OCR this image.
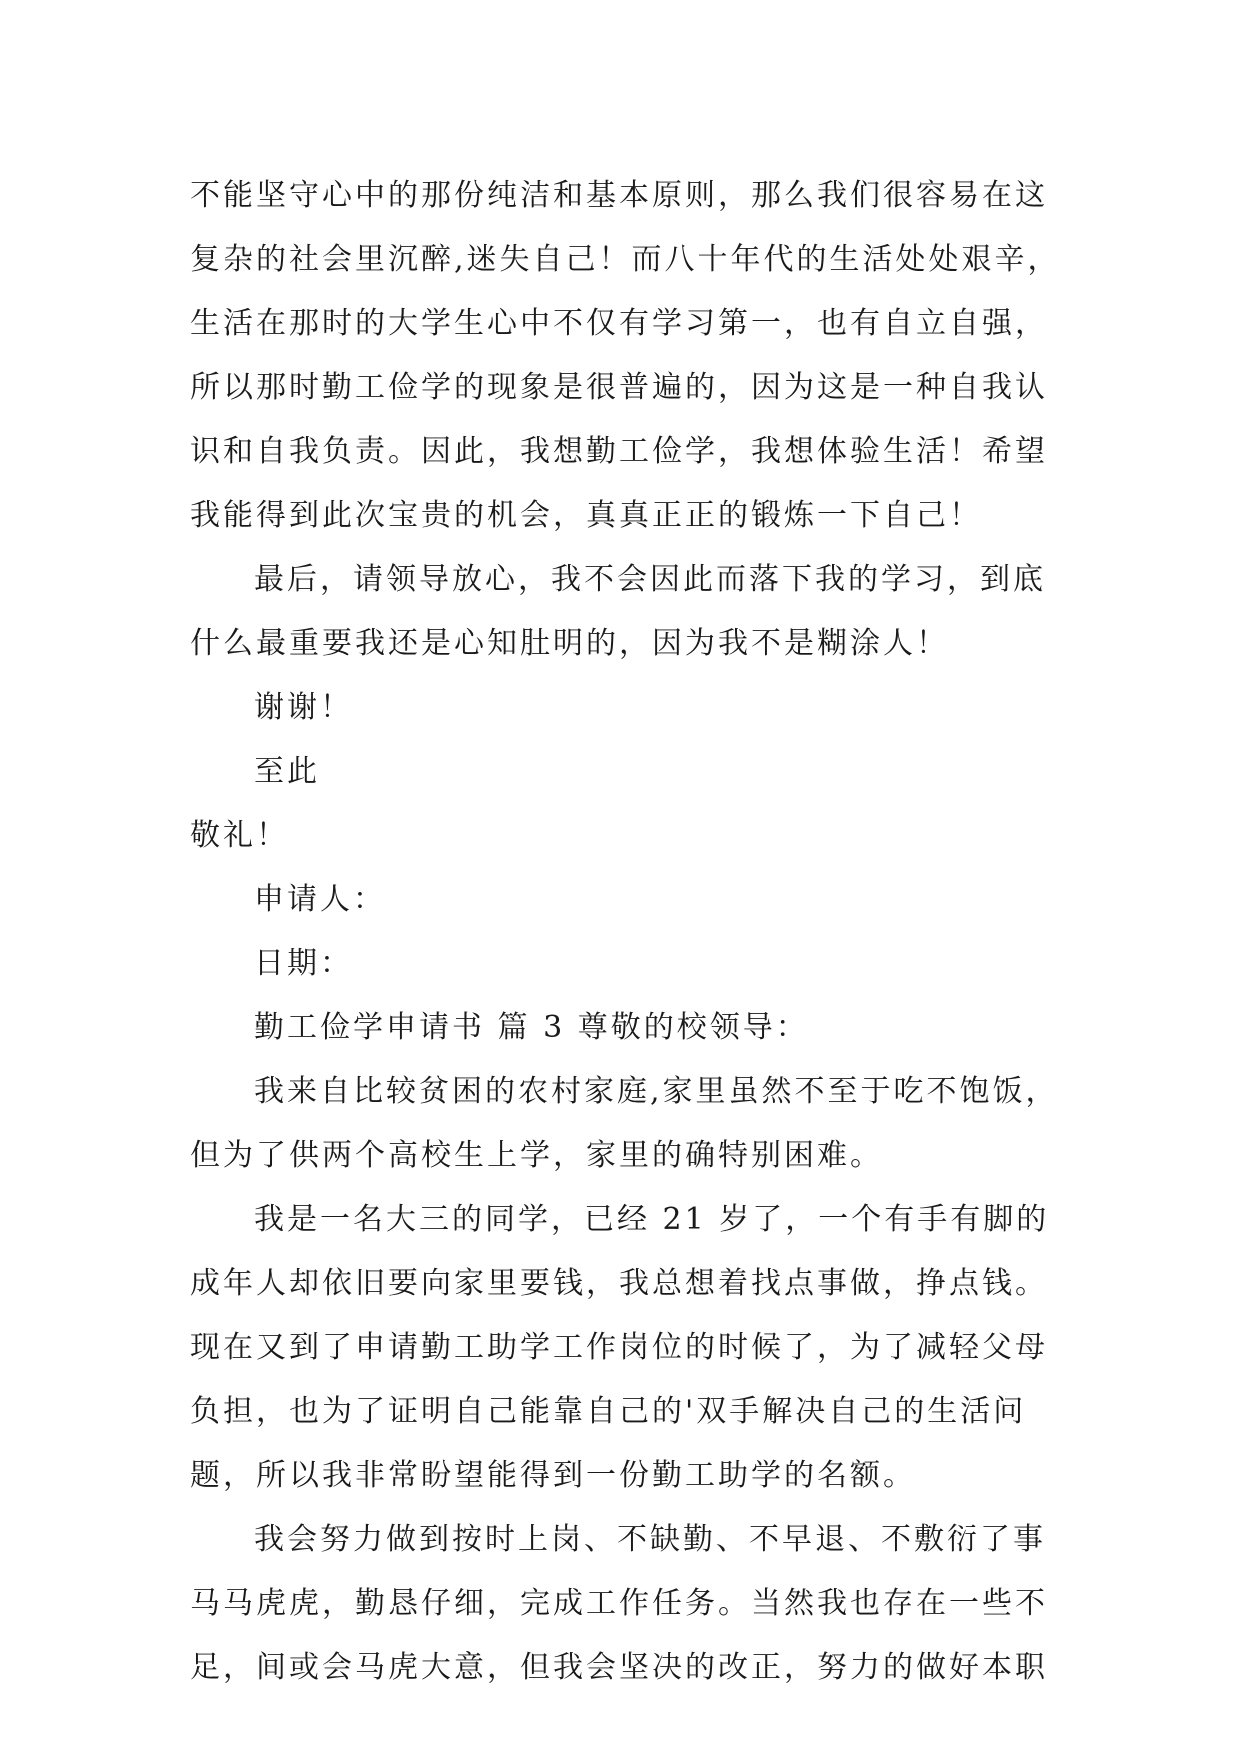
不能坚守心中的那份纯洁和基本原则，那么我们很容易在这
复杂的社会里沉醉,迷失自己！而八十年代的生活处处艰辛，
生活在那时的大学生心中不仅有学习第一，也有自立自强，
所以那时勤工俭学的现象是很普遍的，因为这是一种自我认
识和自我负责。因此，我想勤工俭学，我想体验生活！希望
我能得到此次宝贵的机会，真真正正的锻炼一下自己！
最后，请领导放心，我不会因此而落下我的学习，到底
什么最重要我还是心知肚明的，因为我不是糊涂人！
谢谢！
至此
敬礼！
申请人：
日期：
勤工俭学申请书 篇 3 尊敬的校领导：
我来自比较贫困的农村家庭,家里虽然不至于吃不饱饭，
但为了供两个高校生上学，家里的确特别困难。
我是一名大三的同学，已经 21 岁了，一个有手有脚的
成年人却依旧要向家里要钱，我总想着找点事做，挣点钱。
现在又到了申请勤工助学工作岗位的时候了，为了减轻父母
负担，也为了证明自己能靠自己的'双手解决自己的生活问
题，所以我非常盼望能得到一份勤工助学的名额。
我会努力做到按时上岗、不缺勤、不早退、不敷衍了事
马马虎虎，勤恳仔细，完成工作任务。当然我也存在一些不
足，间或会马虎大意，但我会坚决的改正，努力的做好本职
